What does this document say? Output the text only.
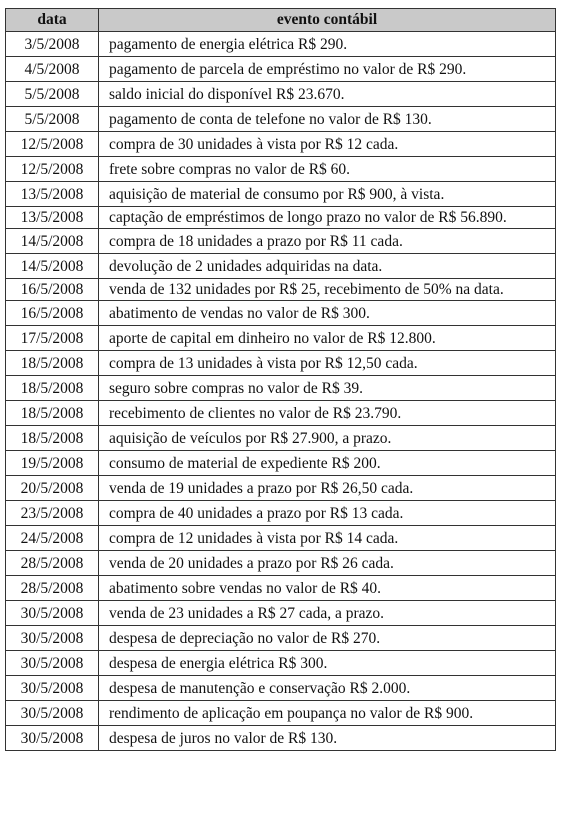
data	evento contábil
3/5/2008	pagamento de energia elétrica R$ 290.
4/5/2008	pagamento de parcela de empréstimo no valor de R$ 290.
5/5/2008	saldo inicial do disponível R$ 23.670.
5/5/2008	pagamento de conta de telefone no valor de R$ 130.
12/5/2008	compra de 30 unidades à vista por R$ 12 cada.
12/5/2008	frete sobre compras no valor de R$ 60.
13/5/2008	aquisição de material de consumo por R$ 900, à vista.
13/5/2008	captação de empréstimos de longo prazo no valor de R$ 56.890.
14/5/2008	compra de 18 unidades a prazo por R$ 11 cada.
14/5/2008	devolução de 2 unidades adquiridas na data.
16/5/2008	venda de 132 unidades por R$ 25, recebimento de 50% na data.
16/5/2008	abatimento de vendas no valor de R$ 300.
17/5/2008	aporte de capital em dinheiro no valor de R$ 12.800.
18/5/2008	compra de 13 unidades à vista por R$ 12,50 cada.
18/5/2008	seguro sobre compras no valor de R$ 39.
18/5/2008	recebimento de clientes no valor de R$ 23.790.
18/5/2008	aquisição de veículos por R$ 27.900, a prazo.
19/5/2008	consumo de material de expediente R$ 200.
20/5/2008	venda de 19 unidades a prazo por R$ 26,50 cada.
23/5/2008	compra de 40 unidades a prazo por R$ 13 cada.
24/5/2008	compra de 12 unidades à vista por R$ 14 cada.
28/5/2008	venda de 20 unidades a prazo por R$ 26 cada.
28/5/2008	abatimento sobre vendas no valor de R$ 40.
30/5/2008	venda de 23 unidades a R$ 27 cada, a prazo.
30/5/2008	despesa de depreciação no valor de R$ 270.
30/5/2008	despesa de energia elétrica R$ 300.
30/5/2008	despesa de manutenção e conservação R$ 2.000.
30/5/2008	rendimento de aplicação em poupança no valor de R$ 900.
30/5/2008	despesa de juros no valor de R$ 130.
